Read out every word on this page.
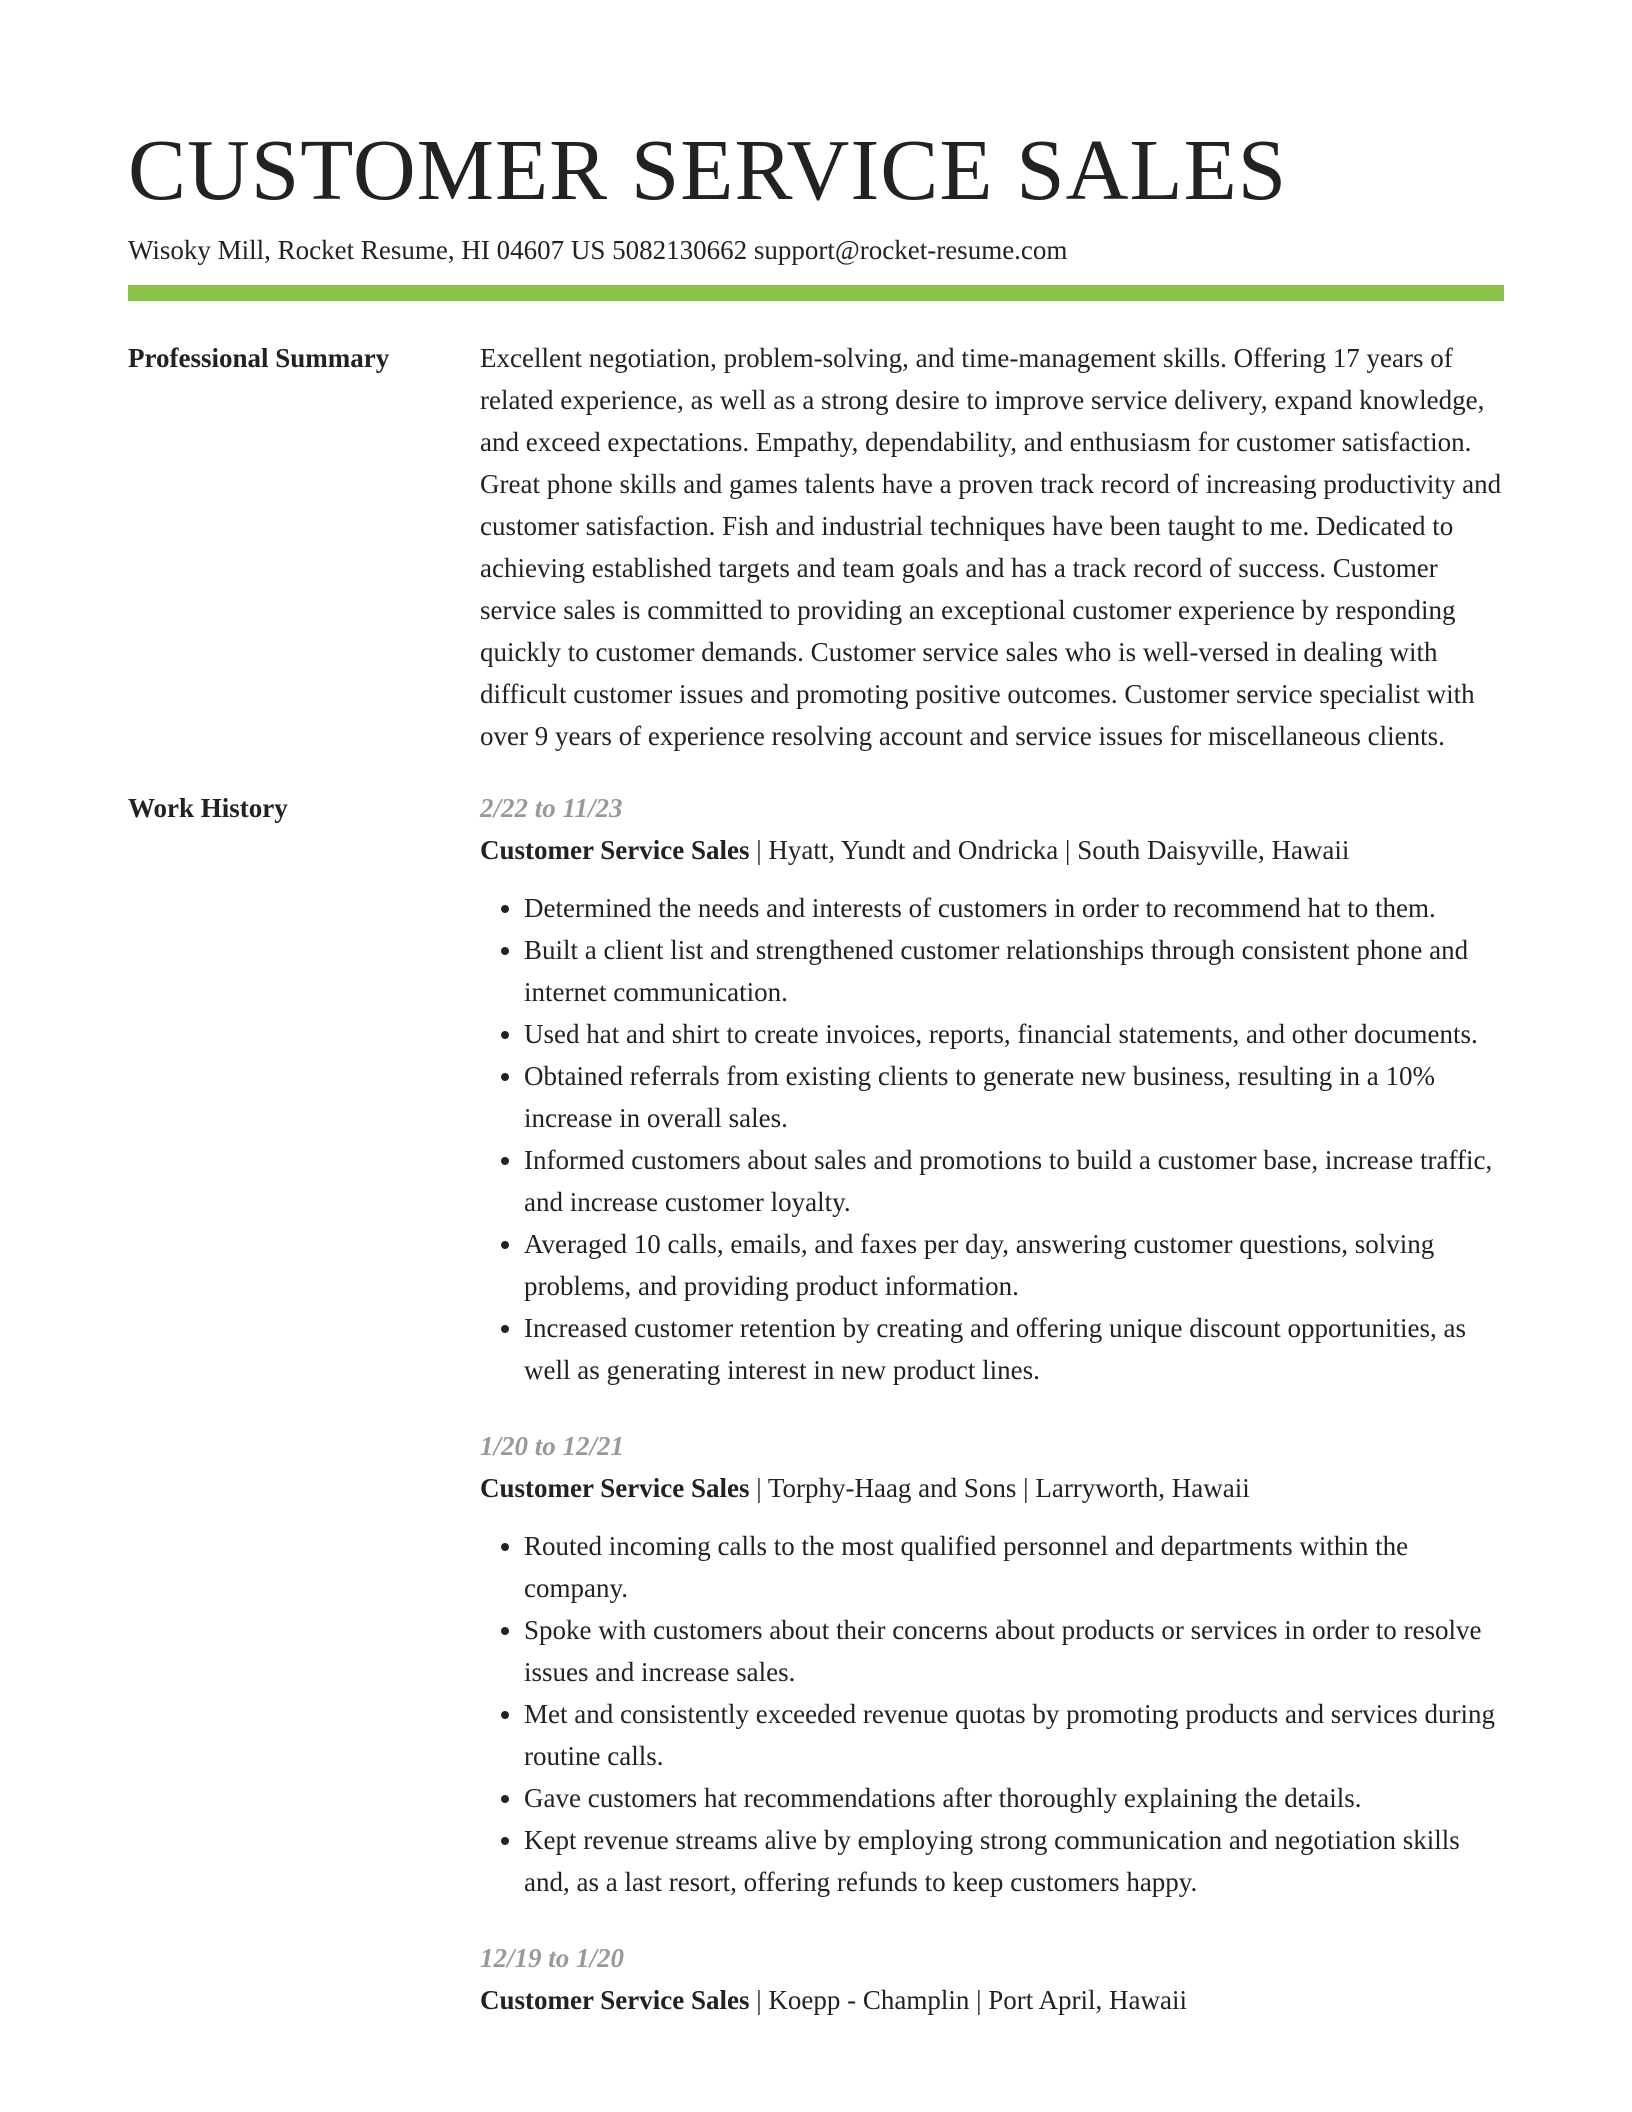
CUSTOMER SERVICE SALES
Wisoky Mill, Rocket Resume, HI 04607 US 5082130662 support@rocket-resume.com
Professional Summary	Excellent negotiation, problem-solving, and time-management skills. Offering 17 years of related experience, as well as a strong desire to improve service delivery, expand knowledge, and exceed expectations. Empathy, dependability, and enthusiasm for customer satisfaction. Great phone skills and games talents have a proven track record of increasing productivity and customer satisfaction. Fish and industrial techniques have been taught to me. Dedicated to achieving established targets and team goals and has a track record of success. Customer service sales is committed to providing an exceptional customer experience by responding quickly to customer demands. Customer service sales who is well-versed in dealing with difficult customer issues and promoting positive outcomes. Customer service specialist with over 9 years of experience resolving account and service issues for miscellaneous clients.

Work History	2/22 to 11/23
Customer Service Sales | Hyatt, Yundt and Ondricka | South Daisyville, Hawaii
• Determined the needs and interests of customers in order to recommend hat to them.
• Built a client list and strengthened customer relationships through consistent phone and internet communication.
• Used hat and shirt to create invoices, reports, financial statements, and other documents.
• Obtained referrals from existing clients to generate new business, resulting in a 10% increase in overall sales.
• Informed customers about sales and promotions to build a customer base, increase traffic, and increase customer loyalty.
• Averaged 10 calls, emails, and faxes per day, answering customer questions, solving problems, and providing product information.
• Increased customer retention by creating and offering unique discount opportunities, as well as generating interest in new product lines.
1/20 to 12/21
Customer Service Sales | Torphy-Haag and Sons | Larryworth, Hawaii
• Routed incoming calls to the most qualified personnel and departments within the company.
• Spoke with customers about their concerns about products or services in order to resolve issues and increase sales.
• Met and consistently exceeded revenue quotas by promoting products and services during routine calls.
• Gave customers hat recommendations after thoroughly explaining the details.
• Kept revenue streams alive by employing strong communication and negotiation skills and, as a last resort, offering refunds to keep customers happy.
12/19 to 1/20
Customer Service Sales | Koepp - Champlin | Port April, Hawaii
